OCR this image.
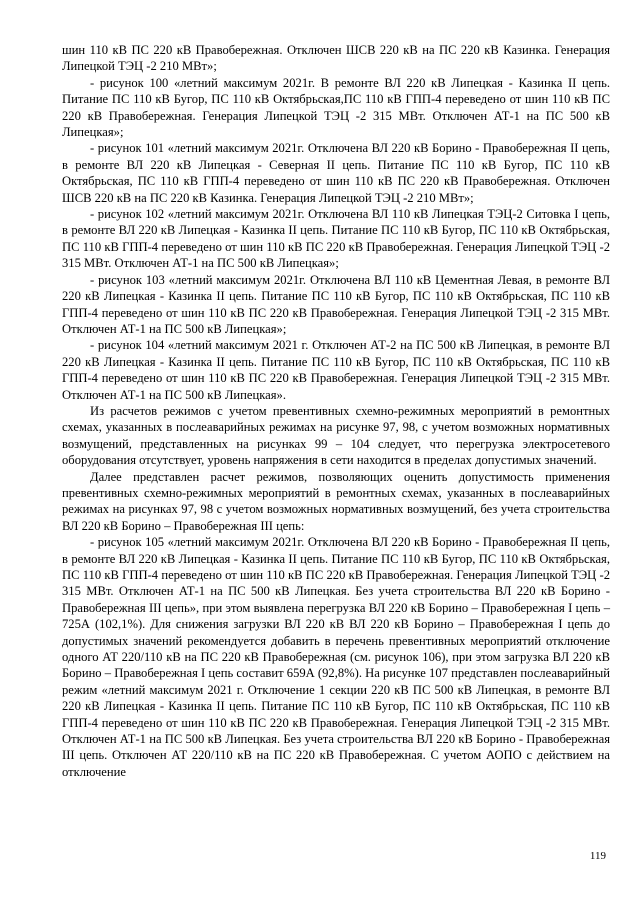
шин 110 кВ ПС 220 кВ Правобережная. Отключен ШСВ 220 кВ на ПС 220 кВ Казинка. Генерация Липецкой ТЭЦ -2 210 МВт»;

- рисунок 100 «летний максимум 2021г. В ремонте ВЛ 220 кВ Липецкая - Казинка II цепь. Питание ПС 110 кВ Бугор, ПС 110 кВ Октябрьская,ПС 110 кВ ГПП-4 переведено от шин 110 кВ ПС 220 кВ Правобережная. Генерация Липецкой ТЭЦ -2 315 МВт. Отключен АТ-1 на ПС 500 кВ Липецкая»;

- рисунок 101 «летний максимум 2021г. Отключена ВЛ 220 кВ Борино - Правобережная II цепь, в ремонте ВЛ 220 кВ Липецкая - Северная II цепь. Питание ПС 110 кВ Бугор, ПС 110 кВ Октябрьская, ПС 110 кВ ГПП-4 переведено от шин 110 кВ ПС 220 кВ Правобережная. Отключен ШСВ 220 кВ на ПС 220 кВ Казинка. Генерация Липецкой ТЭЦ -2 210 МВт»;

- рисунок 102 «летний максимум 2021г. Отключена ВЛ 110 кВ Липецкая ТЭЦ-2 Ситовка I цепь, в ремонте ВЛ 220 кВ Липецкая - Казинка II цепь. Питание ПС 110 кВ Бугор, ПС 110 кВ Октябрьская, ПС 110 кВ ГПП-4 переведено от шин 110 кВ ПС 220 кВ Правобережная. Генерация Липецкой ТЭЦ -2 315 МВт. Отключен АТ-1 на ПС 500 кВ Липецкая»;

- рисунок 103 «летний максимум 2021г. Отключена ВЛ 110 кВ Цементная Левая, в ремонте ВЛ 220 кВ Липецкая - Казинка II цепь. Питание ПС 110 кВ Бугор, ПС 110 кВ Октябрьская, ПС 110 кВ ГПП-4 переведено от шин 110 кВ ПС 220 кВ Правобережная. Генерация Липецкой ТЭЦ -2 315 МВт. Отключен АТ-1 на ПС 500 кВ Липецкая»;

- рисунок 104 «летний максимум 2021 г. Отключен АТ-2 на ПС 500 кВ Липецкая, в ремонте ВЛ 220 кВ Липецкая - Казинка II цепь. Питание ПС 110 кВ Бугор, ПС 110 кВ Октябрьская, ПС 110 кВ ГПП-4 переведено от шин 110 кВ ПС 220 кВ Правобережная. Генерация Липецкой ТЭЦ -2 315 МВт. Отключен АТ-1 на ПС 500 кВ Липецкая».

Из расчетов режимов с учетом превентивных схемно-режимных мероприятий в ремонтных схемах, указанных в послеаварийных режимах на рисунке 97, 98, с учетом возможных нормативных возмущений, представленных на рисунках 99 – 104 следует, что перегрузка электросетевого оборудования отсутствует, уровень напряжения в сети находится в пределах допустимых значений.

Далее представлен расчет режимов, позволяющих оценить допустимость применения превентивных схемно-режимных мероприятий в ремонтных схемах, указанных в послеаварийных режимах на рисунках 97, 98 с учетом возможных нормативных возмущений, без учета строительства ВЛ 220 кВ Борино – Правобережная III цепь:

- рисунок 105 «летний максимум 2021г. Отключена ВЛ 220 кВ Борино - Правобережная II цепь, в ремонте ВЛ 220 кВ Липецкая - Казинка II цепь. Питание ПС 110 кВ Бугор, ПС 110 кВ Октябрьская, ПС 110 кВ ГПП-4 переведено от шин 110 кВ ПС 220 кВ Правобережная. Генерация Липецкой ТЭЦ -2 315 МВт. Отключен АТ-1 на ПС 500 кВ Липецкая. Без учета строительства ВЛ 220 кВ Борино - Правобережная III цепь», при этом выявлена перегрузка ВЛ 220 кВ Борино – Правобережная I цепь – 725А (102,1%). Для снижения загрузки ВЛ 220 кВ ВЛ 220 кВ Борино – Правобережная I цепь до допустимых значений рекомендуется добавить в перечень превентивных мероприятий отключение одного АТ 220/110 кВ на ПС 220 кВ Правобережная (см. рисунок 106), при этом загрузка ВЛ 220 кВ Борино – Правобережная I цепь составит 659А (92,8%). На рисунке 107 представлен послеаварийный режим «летний максимум 2021 г. Отключение 1 секции 220 кВ ПС 500 кВ Липецкая, в ремонте ВЛ 220 кВ Липецкая - Казинка II цепь. Питание ПС 110 кВ Бугор, ПС 110 кВ Октябрьская, ПС 110 кВ ГПП-4 переведено от шин 110 кВ ПС 220 кВ Правобережная. Генерация Липецкой ТЭЦ -2 315 МВт. Отключен АТ-1 на ПС 500 кВ Липецкая. Без учета строительства ВЛ 220 кВ Борино - Правобережная III цепь. Отключен АТ 220/110 кВ на ПС 220 кВ Правобережная. С учетом АОПО с действием на отключение

119
